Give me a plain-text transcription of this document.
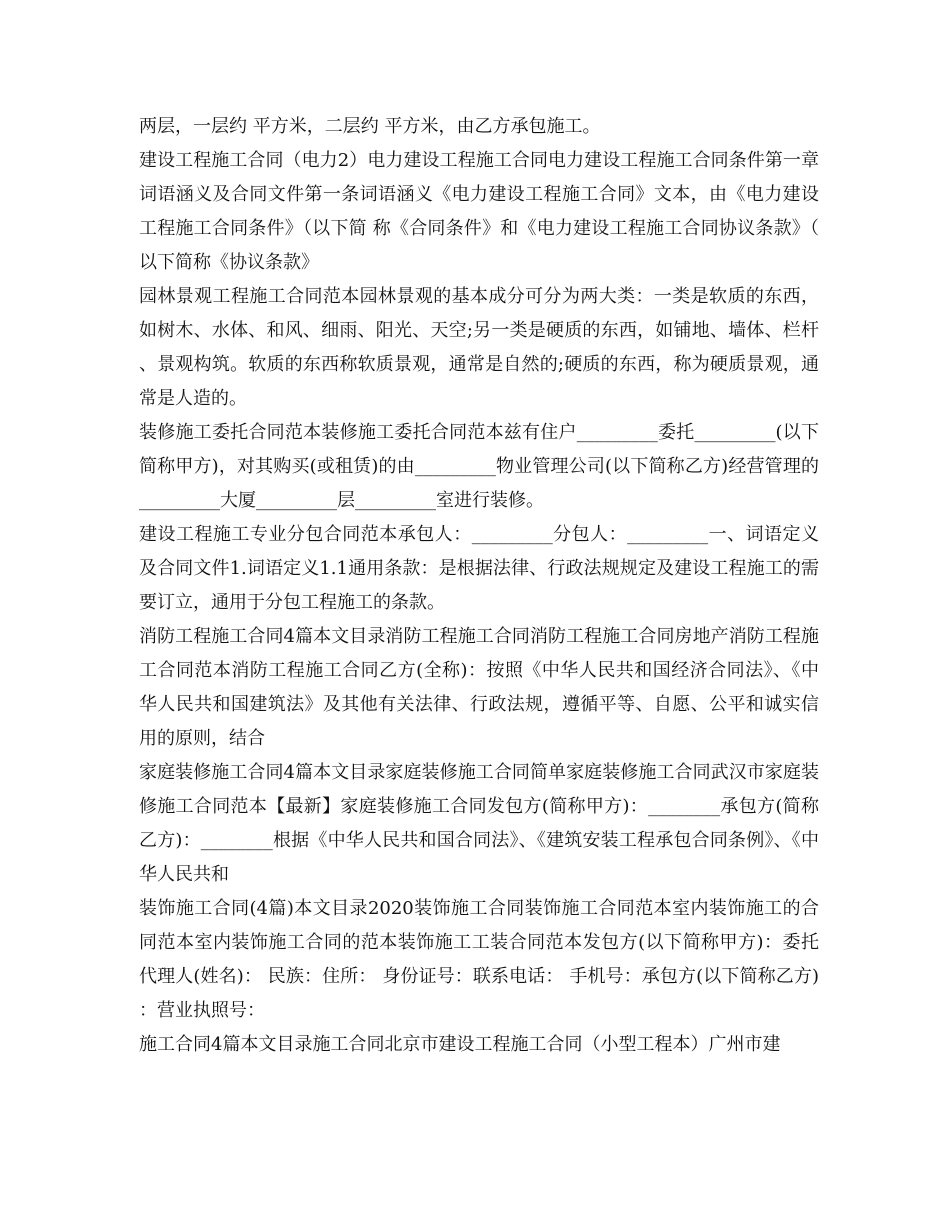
两层，一层约 平方米，二层约 平方米，由乙方承包施工。

建设工程施工合同（电力2）电力建设工程施工合同电力建设工程施工合同条件第一章词语涵义及合同文件第一条词语涵义《电力建设工程施工合同》文本，由《电力建设工程施工合同条件》（以下简 称《合同条件》和《电力建设工程施工合同协议条款》（以下简称《协议条款》

园林景观工程施工合同范本园林景观的基本成分可分为两大类：一类是软质的东西，如树木、水体、和风、细雨、阳光、天空;另一类是硬质的东西，如铺地、墙体、栏杆、景观构筑。软质的东西称软质景观，通常是自然的;硬质的东西，称为硬质景观，通常是人造的。

装修施工委托合同范本装修施工委托合同范本兹有住户_________委托_________(以下简称甲方)，对其购买(或租赁)的由_________物业管理公司(以下简称乙方)经营管理的_________大厦_________层_________室进行装修。

建设工程施工专业分包合同范本承包人：_________分包人：_________一、词语定义及合同文件1.词语定义1.1通用条款：是根据法律、行政法规规定及建设工程施工的需要订立，通用于分包工程施工的条款。

消防工程施工合同4篇本文目录消防工程施工合同消防工程施工合同房地产消防工程施工合同范本消防工程施工合同乙方(全称)：按照《中华人民共和国经济合同法》、《中华人民共和国建筑法》及其他有关法律、行政法规，遵循平等、自愿、公平和诚实信用的原则，结合

家庭装修施工合同4篇本文目录家庭装修施工合同简单家庭装修施工合同武汉市家庭装修施工合同范本【最新】家庭装修施工合同发包方(简称甲方)：________承包方(简称乙方)：________根据《中华人民共和国合同法》、《建筑安装工程承包合同条例》、《中华人民共和

装饰施工合同(4篇)本文目录2020装饰施工合同装饰施工合同范本室内装饰施工的合同范本室内装饰施工合同的范本装饰施工工装合同范本发包方(以下简称甲方)：委托代理人(姓名)： 民族：住所： 身份证号：联系电话： 手机号：承包方(以下简称乙方)：营业执照号：

施工合同4篇本文目录施工合同北京市建设工程施工合同（小型工程本）广州市建
